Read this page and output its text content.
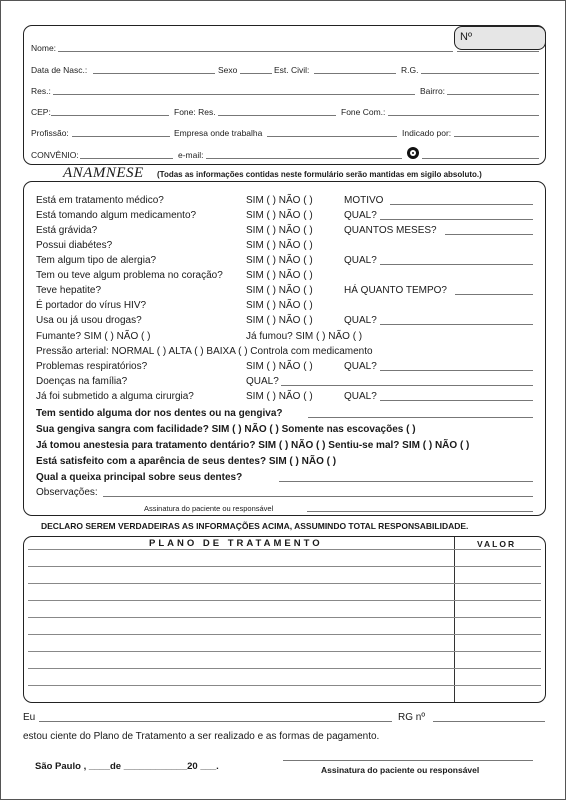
Nº
Nome:
Data de Nasc.:	Sexo	Est. Civil:	R.G.
Res.:	Bairro:
CEP:	Fone: Res.	Fone Com.:
Profissão:	Empresa onde trabalha	Indicado por:
CONVÊNIO:	e-mail:
ANAMNESE (Todas as informações contidas neste formulário serão mantidas em sigilo absoluto.)
Está em tratamento médico?	SIM ( ) NÃO ( )	MOTIVO
Está tomando algum medicamento?	SIM ( ) NÃO ( )	QUAL?
Está grávida?	SIM ( ) NÃO ( )	QUANTOS MESES?
Possui diabétes?	SIM ( ) NÃO ( )
Tem algum tipo de alergia?	SIM ( ) NÃO ( )	QUAL?
Tem ou teve algum problema no coração? SIM ( ) NÃO ( )
Teve hepatite?	SIM ( ) NÃO ( )	HÁ QUANTO TEMPO?
É portador do vírus HIV?	SIM ( ) NÃO ( )
Usa ou já usou drogas?	SIM ( ) NÃO ( )	QUAL?
Fumante? SIM ( ) NÃO ( )	Já fumou? SIM ( ) NÃO ( )
Pressão arterial: NORMAL ( ) ALTA ( ) BAIXA ( ) Controla com medicamento
Problemas respiratórios?	SIM ( ) NÃO ( )	QUAL?
Doenças na família?	QUAL?
Já foi submetido a alguma cirurgia?	SIM ( ) NÃO ( )	QUAL?
Tem sentido alguma dor nos dentes ou na gengiva?
Sua gengiva sangra com facilidade? SIM ( ) NÃO ( ) Somente nas escovações ( )
Já tomou anestesia para tratamento dentário? SIM ( ) NÃO ( ) Sentiu-se mal? SIM ( ) NÃO ( )
Está satisfeito com a aparência de seus dentes? SIM ( ) NÃO ( )
Qual a queixa principal sobre seus dentes?
Observações:
Assinatura do paciente ou responsável
DECLARO SEREM VERDADEIRAS AS INFORMAÇÕES ACIMA, ASSUMINDO TOTAL RESPONSABILIDADE.
PLANO DE TRATAMENTO	VALOR
Eu	RG nº
estou ciente do Plano de Tratamento a ser realizado e as formas de pagamento.
São Paulo , ____de ____________20 ___.	Assinatura do paciente ou responsável
